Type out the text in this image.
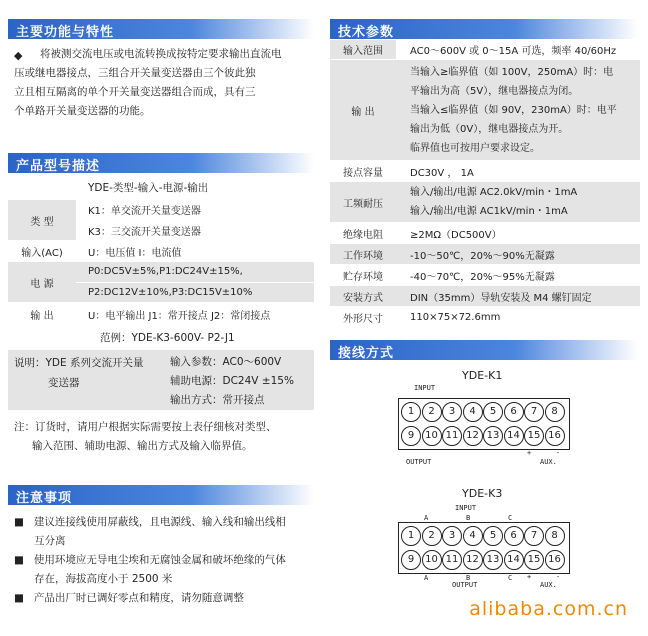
主要功能与特性
◆ 将被测交流电压或电流转换成按特定要求输出直流电
压或继电器接点，三组合开关量变送器由三个彼此独
立且相互隔离的单个开关量变送器组合而成，具有三
个单路开关量变送器的功能。
产品型号描述
YDE-类型-输入-电源-输出
类 型	K1：单交流开关量变送器
	K3：三交流开关量变送器
输入(AC)	U：电压值 I：电流值
电 源	P0:DC5V±5%,P1:DC24V±15%,
	P2:DC12V±10%,P3:DC15V±10%
输 出	U：电平输出 J1：常开接点 J2：常闭接点
范例：YDE-K3-600V- P2-J1
说明：YDE 系列交流开关量
变送器
输入参数：AC0～600V
辅助电源：DC24V ±15%
输出方式：常开接点
注：订货时，请用户根据实际需要按上表仔细核对类型、
输入范围、辅助电源、输出方式及输入临界值。
注意事项
■ 建议连接线使用屏蔽线，且电源线、输入线和输出线相
互分离
■ 使用环境应无导电尘埃和无腐蚀金属和破坏绝缘的气体
存在，海拔高度小于 2500 米
■ 产品出厂时已调好零点和精度，请勿随意调整
技术参数
输入范围	AC0～600V 或 0～15A 可选，频率 40/60Hz
输 出	当输入≥临界值（如 100V，250mA）时：电
平输出为高（5V），继电器接点为闭。
当输入≤临界值（如 90V，230mA）时：电平
输出为低（0V），继电器接点为开。
临界值也可按用户要求设定。

接点容量	DC30V ， 1A
工频耐压	输入/输出/电源 AC2.0kV/min・1mA
输入/输出/电源 AC1kV/min・1mA

绝缘电阻	≥2MΩ（DC500V）
工作环境	-10～50℃，20%～90%无凝露
贮存环境	-40～70℃，20%～95%无凝露
安装方式	DIN（35mm）导轨安装及 M4 螺钉固定
外形尺寸	110×75×72.6mm
接线方式
YDE-K1
INPUT
1	2	3	4	5	6	7	8
9	10 11 12 13 14 15 16
OUTPUT	AUX.
+	-
YDE-K3
INPUT
A	B	C
1	2	3	4	5	6	7	8
9	10 11 12 13 14 15 16
A	B	C
OUTPUT	AUX.
+	-
alibaba.com.cn
